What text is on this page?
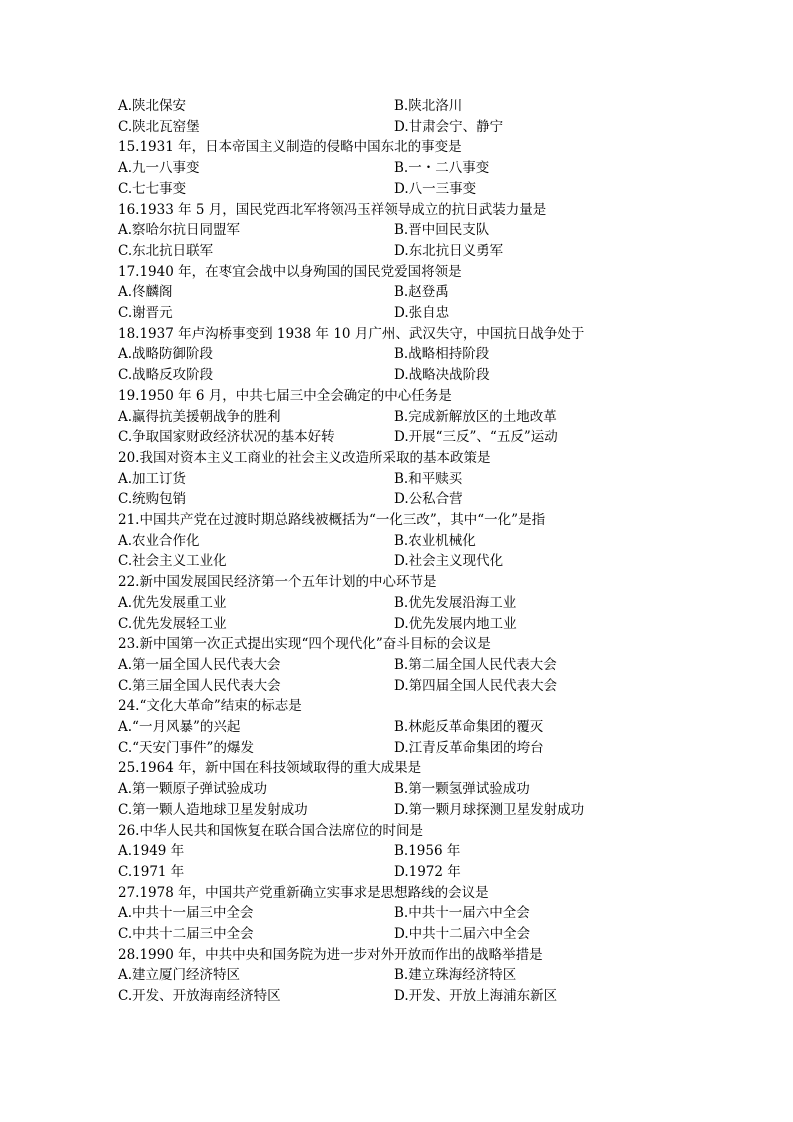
A.陕北保安	B.陕北洛川
C.陕北瓦窑堡	D.甘肃会宁、静宁
15.1931 年，日本帝国主义制造的侵略中国东北的事变是
A.九一八事变	B.一・二八事变
C.七七事变	D.八一三事变
16.1933 年 5 月，国民党西北军将领冯玉祥领导成立的抗日武装力量是
A.察哈尔抗日同盟军	B.晋中回民支队
C.东北抗日联军	D.东北抗日义勇军
17.1940 年，在枣宜会战中以身殉国的国民党爱国将领是
A.佟麟阁	B.赵登禹
C.谢晋元	D.张自忠
18.1937 年卢沟桥事变到 1938 年 10 月广州、武汉失守，中国抗日战争处于
A.战略防御阶段	B.战略相持阶段
C.战略反攻阶段	D.战略决战阶段
19.1950 年 6 月，中共七届三中全会确定的中心任务是
A.赢得抗美援朝战争的胜利	B.完成新解放区的土地改革
C.争取国家财政经济状况的基本好转	D.开展“三反”、“五反”运动
20.我国对资本主义工商业的社会主义改造所采取的基本政策是
A.加工订货	B.和平赎买
C.统购包销	D.公私合营
21.中国共产党在过渡时期总路线被概括为“一化三改”，其中“一化”是指
A.农业合作化	B.农业机械化
C.社会主义工业化	D.社会主义现代化
22.新中国发展国民经济第一个五年计划的中心环节是
A.优先发展重工业	B.优先发展沿海工业
C.优先发展轻工业	D.优先发展内地工业
23.新中国第一次正式提出实现“四个现代化”奋斗目标的会议是
A.第一届全国人民代表大会	B.第二届全国人民代表大会
C.第三届全国人民代表大会	D.第四届全国人民代表大会
24.“文化大革命”结束的标志是
A.“一月风暴”的兴起	B.林彪反革命集团的覆灭
C.“天安门事件”的爆发	D.江青反革命集团的垮台
25.1964 年，新中国在科技领域取得的重大成果是
A.第一颗原子弹试验成功	B.第一颗氢弹试验成功
C.第一颗人造地球卫星发射成功	D.第一颗月球探测卫星发射成功
26.中华人民共和国恢复在联合国合法席位的时间是
A.1949 年	B.1956 年
C.1971 年	D.1972 年
27.1978 年，中国共产党重新确立实事求是思想路线的会议是
A.中共十一届三中全会	B.中共十一届六中全会
C.中共十二届三中全会	D.中共十二届六中全会
28.1990 年，中共中央和国务院为进一步对外开放而作出的战略举措是
A.建立厦门经济特区	B.建立珠海经济特区
C.开发、开放海南经济特区	D.开发、开放上海浦东新区
